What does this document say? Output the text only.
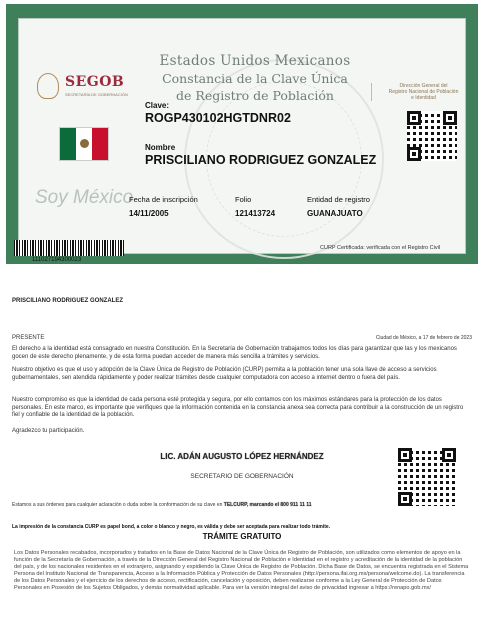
SEGOB
SECRETARÍA DE GOBERNACIÓN
Estados Unidos Mexicanos
Constancia de la Clave Única
de Registro de Población
Dirección General del
Registro Nacional de Población
e Identidad
Soy México
Clave:
ROGP430102HGTDNR02
Nombre
PRISCILIANO RODRIGUEZ GONZALEZ
Fecha de inscripción
14/11/2005
Folio
121413724
Entidad de registro
GUANAJUATO
111027194300023
CURP Certificada: verificada con el Registro Civil
PRISCILIANO RODRIGUEZ GONZALEZ
PRESENTE	Ciudad de México, a 17 de febrero de 2023
El derecho a la identidad está consagrado en nuestra Constitución. En la Secretaría de Gobernación trabajamos todos los días para garantizar que las y los mexicanos gocen de este derecho plenamente, y de esta forma puedan acceder de manera más sencilla a trámites y servicios.
Nuestro objetivo es que el uso y adopción de la Clave Única de Registro de Población (CURP) permita a la población tener una sola llave de acceso a servicios gubernamentales, sen atendida rápidamente y poder realizar trámites desde cualquier computadora con acceso a internet dentro o fuera del país.
Nuestro compromiso es que la identidad de cada persona esté protegida y segura, por ello contamos con los máximos estándares para la protección de los datos personales. En este marco, es importante que verifiques que la información contenida en la constancia anexa sea correcta para contribuir a la construcción de un registro fiel y confiable de la identidad de la población.
Agradezco tu participación.
LIC. ADÁN AUGUSTO LÓPEZ HERNÁNDEZ
SECRETARIO DE GOBERNACIÓN
Estamos a sus órdenes para cualquier aclaración o duda sobre la conformación de su clave en TELCURP, marcando el 800 911 11 11
La impresión de la constancia CURP es papel bond, a color o blanco y negro, es válida y debe ser aceptada para realizar todo trámite.
TRÁMITE GRATUITO
Los Datos Personales recabados, incorporados y tratados en la Base de Datos Nacional de la Clave Única de Registro de Población, son utilizados como elementos de apoyo en la función de la Secretaría de Gobernación, a través de la Dirección General del Registro Nacional de Población e Identidad en el registro y acreditación de la identidad de la población del país, y de los nacionales residentes en el extranjero, asignando y expidiendo la Clave Única de Registro de Población. Dicha Base de Datos, se encuentra registrada en el Sistema Persona del Instituto Nacional de Transparencia, Acceso a la Información Pública y Protección de Datos Personales (http://persona.ifai.org.mx/persona/welcome.do). La transferencia de los Datos Personales y el ejercicio de los derechos de acceso, rectificación, cancelación y oposición, deben realizarse conforme a la Ley General de Protección de Datos Personales en Posesión de los Sujetos Obligados, y demás normatividad aplicable. Para ver la versión integral del aviso de privacidad ingresar a https://renapo.gob.mx/
